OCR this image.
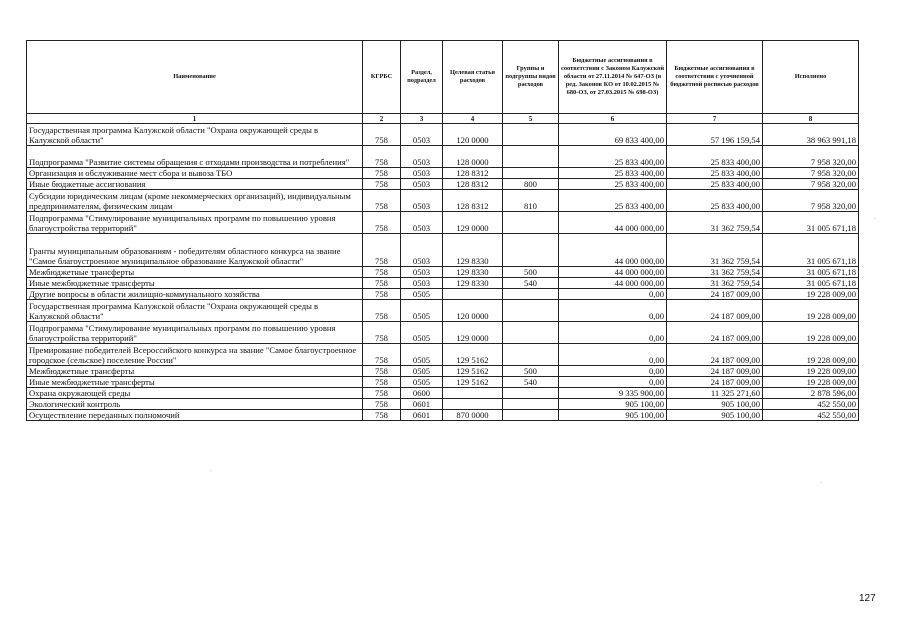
Наименование	КГРБС	Раздел, подраздел	Целевая статья расходов	Группы и подгруппы видов расходов	Бюджетные ассигнования в соответствии с Законом Калужской области от 27.11.2014 № 647-ОЗ (в ред. Законов КО от 10.02.2015 № 680-ОЗ, от 27.03.2015 № 698-ОЗ)	Бюджетные ассигнования в соответствии с уточненной бюджетной росписью расходов	Исполнено
1	2	3	4	5	6	7	8
Государственная программа Калужской области "Охрана окружающей среды в Калужской области"	758	0503	120 0000		69 833 400,00	57 196 159,54	38 963 991,18
Подпрограмма "Развитие системы обращения с отходами производства и потребления"	758	0503	128 0000		25 833 400,00	25 833 400,00	7 958 320,00
Организация и обслуживание мест сбора и вывоза ТБО	758	0503	128 8312		25 833 400,00	25 833 400,00	7 958 320,00
Иные бюджетные ассигнования	758	0503	128 8312	800	25 833 400,00	25 833 400,00	7 958 320,00
Субсидии юридическим лицам (кроме некоммерческих организаций), индивидуальным предпринимателям, физическим лицам	758	0503	128 8312	810	25 833 400,00	25 833 400,00	7 958 320,00
Подпрограмма "Стимулирование муниципальных программ по повышению уровня благоустройства территорий"	758	0503	129 0000		44 000 000,00	31 362 759,54	31 005 671,18
Гранты муниципальным образованиям - победителям областного конкурса на звание "Самое благоустроенное муниципальное образование Калужской области"	758	0503	129 8330		44 000 000,00	31 362 759,54	31 005 671,18
Межбюджетные трансферты	758	0503	129 8330	500	44 000 000,00	31 362 759,54	31 005 671,18
Иные межбюджетные трансферты	758	0503	129 8330	540	44 000 000,00	31 362 759,54	31 005 671,18
Другие вопросы в области жилищно-коммунального хозяйства	758	0505			0,00	24 187 009,00	19 228 009,00
Государственная программа Калужской области "Охрана окружающей среды в Калужской области"	758	0505	120 0000		0,00	24 187 009,00	19 228 009,00
Подпрограмма "Стимулирование муниципальных программ по повышению уровня благоустройства территорий"	758	0505	129 0000		0,00	24 187 009,00	19 228 009,00
Премирование победителей Всероссийского конкурса на звание "Самое благоустроенное городское (сельское) поселение России"	758	0505	129 5162		0,00	24 187 009,00	19 228 009,00
Межбюджетные трансферты	758	0505	129 5162	500	0,00	24 187 009,00	19 228 009,00
Иные межбюджетные трансферты	758	0505	129 5162	540	0,00	24 187 009,00	19 228 009,00
Охрана окружающей среды	758	0600			9 335 900,00	11 325 271,60	2 878 596,00
Экологический контроль	758	0601			905 100,00	905 100,00	452 550,00
Осуществление переданных полномочий	758	0601	870 0000		905 100,00	905 100,00	452 550,00
127
·
·
·
